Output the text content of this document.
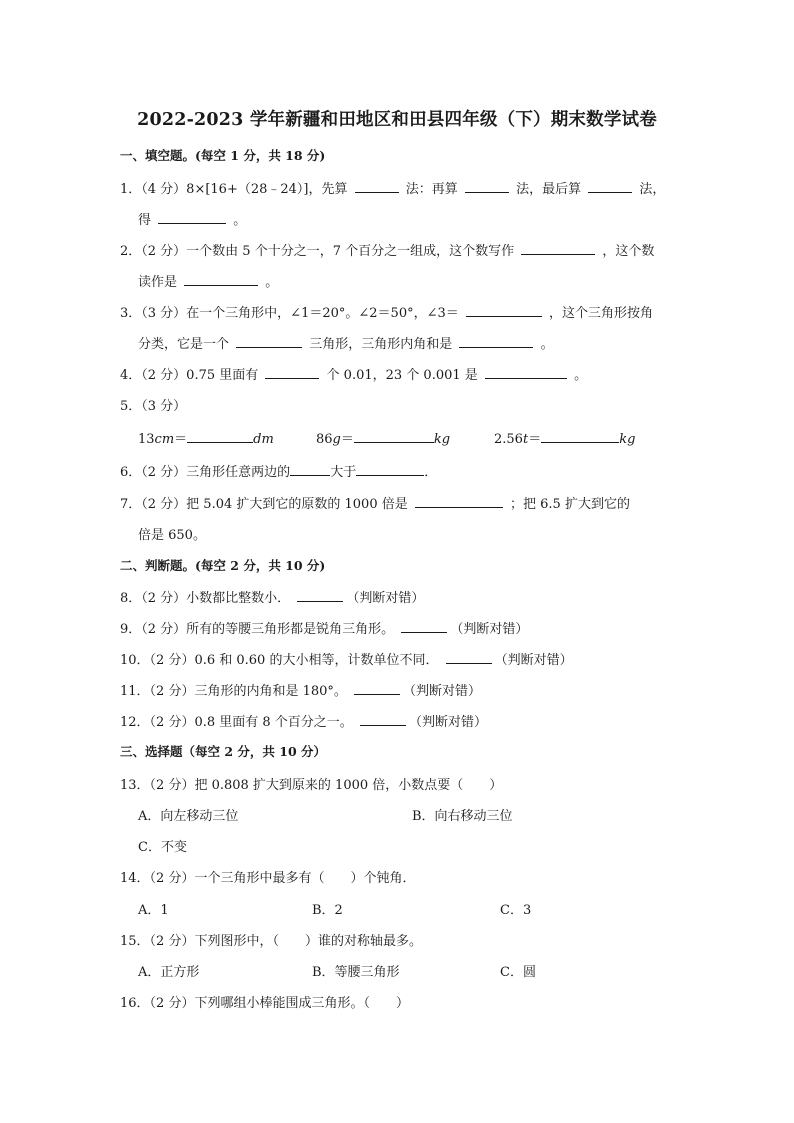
2022-2023 学年新疆和田地区和田县四年级（下）期末数学试卷
一、填空题。(每空 1 分，共 18 分)
1．（4 分）8×[16+（28﹣24）]，先算	法：再算	法，最后算	法，
得	。
2．（2 分）一个数由 5 个十分之一，7 个百分之一组成，这个数写作	，这个数
读作是	。
3．（3 分）在一个三角形中，∠1＝20°。∠2＝50°，∠3＝	，这个三角形按角
分类，它是一个	三角形，三角形内角和是	。
4．（2 分）0.75 里面有	个 0.01，23 个 0.001 是	。
5．（3 分）
13cm＝	dm	86g＝	kg	2.56t＝	kg
6．（2 分）三角形任意两边的	大于	．
7．（2 分）把 5.04 扩大到它的原数的 1000 倍是	；把 6.5 扩大到它的
倍是 650。
二、判断题。(每空 2 分，共 10 分)
8．（2 分）小数都比整数小．	（判断对错）
9．（2 分）所有的等腰三角形都是锐角三角形。	（判断对错）
10．（2 分）0.6 和 0.60 的大小相等，计数单位不同．	（判断对错）
11．（2 分）三角形的内角和是 180°。	（判断对错）
12．（2 分）0.8 里面有 8 个百分之一。	（判断对错）
三、选择题（每空 2 分，共 10 分）
13．（2 分）把 0.808 扩大到原来的 1000 倍，小数点要（　　）
A．向左移动三位	B．向右移动三位
C．不变
14．（2 分）一个三角形中最多有（　　）个钝角．
A．1	B．2	C．3
15．（2 分）下列图形中，（　　）谁的对称轴最多。
A．正方形	B．等腰三角形	C．圆
16．（2 分）下列哪组小棒能围成三角形。（　　）
